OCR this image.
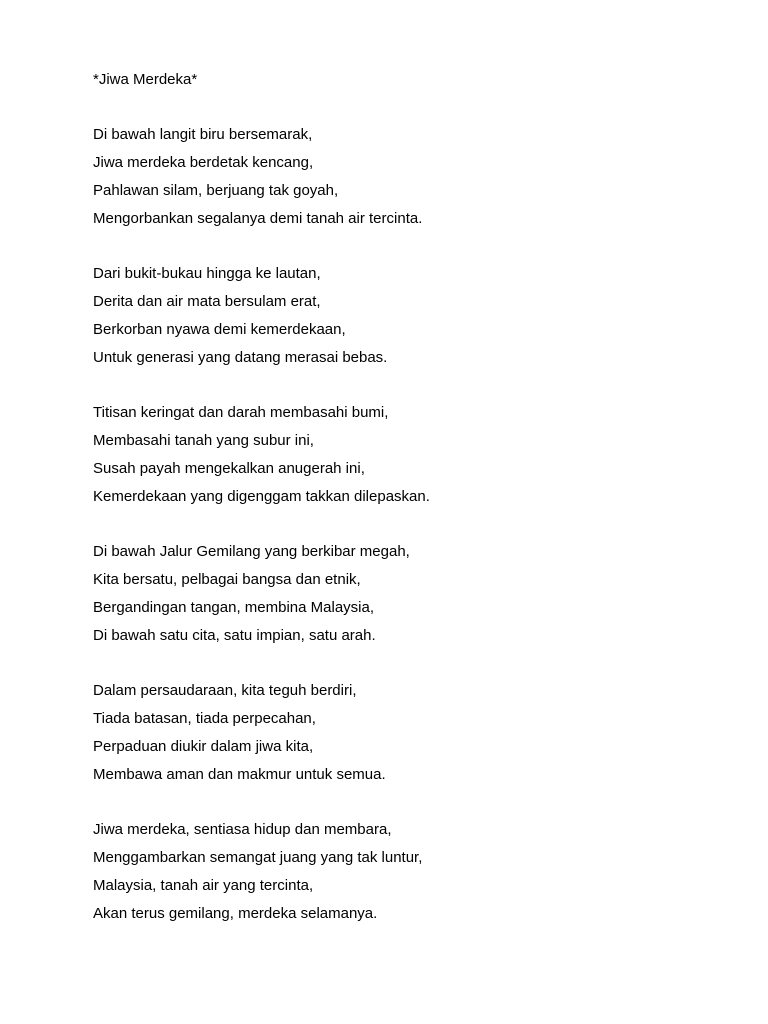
*Jiwa Merdeka*
Di bawah langit biru bersemarak,
Jiwa merdeka berdetak kencang,
Pahlawan silam, berjuang tak goyah,
Mengorbankan segalanya demi tanah air tercinta.
Dari bukit-bukau hingga ke lautan,
Derita dan air mata bersulam erat,
Berkorban nyawa demi kemerdekaan,
Untuk generasi yang datang merasai bebas.
Titisan keringat dan darah membasahi bumi,
Membasahi tanah yang subur ini,
Susah payah mengekalkan anugerah ini,
Kemerdekaan yang digenggam takkan dilepaskan.
Di bawah Jalur Gemilang yang berkibar megah,
Kita bersatu, pelbagai bangsa dan etnik,
Bergandingan tangan, membina Malaysia,
Di bawah satu cita, satu impian, satu arah.
Dalam persaudaraan, kita teguh berdiri,
Tiada batasan, tiada perpecahan,
Perpaduan diukir dalam jiwa kita,
Membawa aman dan makmur untuk semua.
Jiwa merdeka, sentiasa hidup dan membara,
Menggambarkan semangat juang yang tak luntur,
Malaysia, tanah air yang tercinta,
Akan terus gemilang, merdeka selamanya.
